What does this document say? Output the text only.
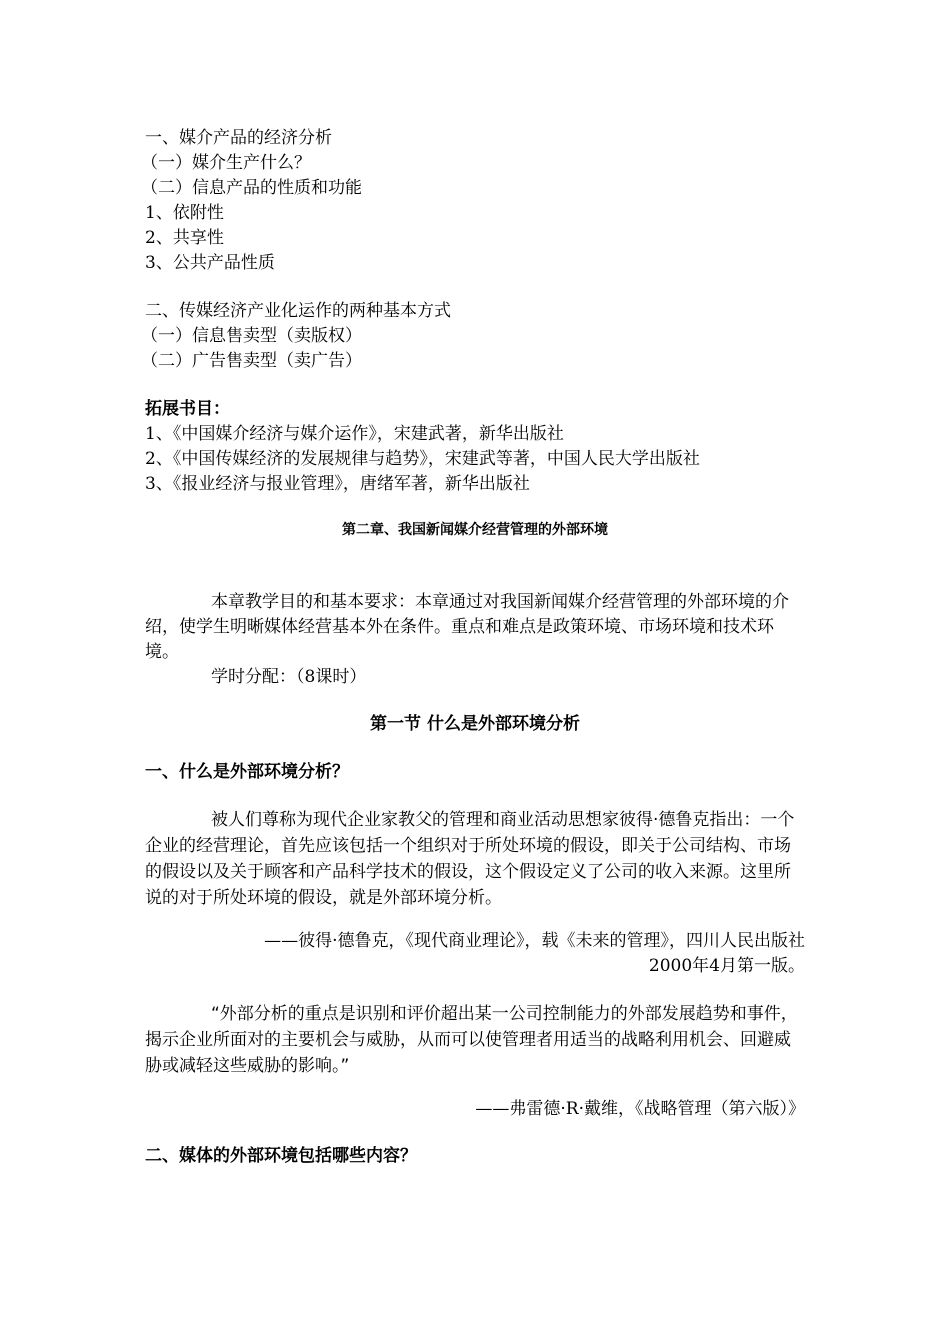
一、媒介产品的经济分析
（一）媒介生产什么？
（二）信息产品的性质和功能
1、依附性
2、共享性
3、公共产品性质
二、传媒经济产业化运作的两种基本方式
（一）信息售卖型（卖版权）
（二）广告售卖型（卖广告）
拓展书目：
1、《中国媒介经济与媒介运作》，宋建武著，新华出版社
2、《中国传媒经济的发展规律与趋势》，宋建武等著，中国人民大学出版社
3、《报业经济与报业管理》，唐绪军著，新华出版社
第二章、我国新闻媒介经营管理的外部环境
本章教学目的和基本要求：本章通过对我国新闻媒介经营管理的外部环境的介绍，使学生明晰媒体经营基本外在条件。重点和难点是政策环境、市场环境和技术环境。
学时分配：（8课时）
第一节 什么是外部环境分析
一、什么是外部环境分析？
被人们尊称为现代企业家教父的管理和商业活动思想家彼得·德鲁克指出：一个企业的经营理论，首先应该包括一个组织对于所处环境的假设，即关于公司结构、市场的假设以及关于顾客和产品科学技术的假设，这个假设定义了公司的收入来源。这里所说的对于所处环境的假设，就是外部环境分析。
——彼得·德鲁克，《现代商业理论》，载《未来的管理》，四川人民出版社
2000年4月第一版。
“外部分析的重点是识别和评价超出某一公司控制能力的外部发展趋势和事件，揭示企业所面对的主要机会与威胁，从而可以使管理者用适当的战略利用机会、回避威胁或减轻这些威胁的影响。”
——弗雷德·R·戴维，《战略管理（第六版）》
二、媒体的外部环境包括哪些内容？
